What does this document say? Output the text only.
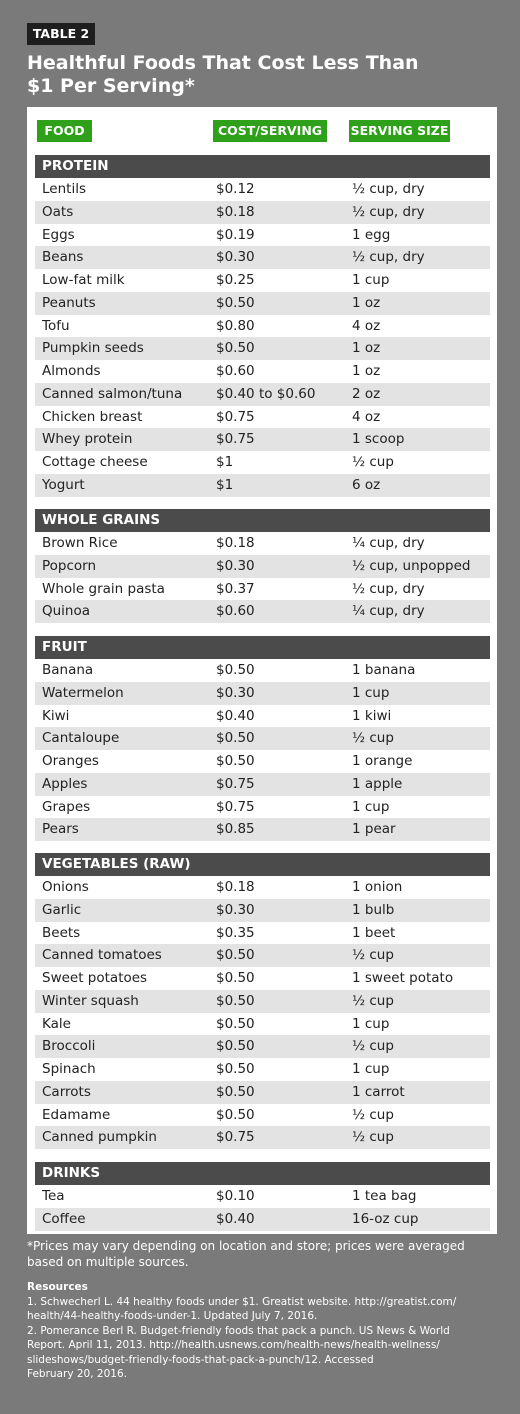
TABLE 2
Healthful Foods That Cost Less Than
$1 Per Serving*
FOOD	COST/SERVING	SERVING SIZE
PROTEIN
Lentils	$0.12	½ cup, dry
Oats	$0.18	½ cup, dry
Eggs	$0.19	1 egg
Beans	$0.30	½ cup, dry
Low-fat milk	$0.25	1 cup
Peanuts	$0.50	1 oz
Tofu	$0.80	4 oz
Pumpkin seeds	$0.50	1 oz
Almonds	$0.60	1 oz
Canned salmon/tuna	$0.40 to $0.60	2 oz
Chicken breast	$0.75	4 oz
Whey protein	$0.75	1 scoop
Cottage cheese	$1	½ cup
Yogurt	$1	6 oz
WHOLE GRAINS
Brown Rice	$0.18	¼ cup, dry
Popcorn	$0.30	½ cup, unpopped
Whole grain pasta	$0.37	½ cup, dry
Quinoa	$0.60	¼ cup, dry
FRUIT
Banana	$0.50	1 banana
Watermelon	$0.30	1 cup
Kiwi	$0.40	1 kiwi
Cantaloupe	$0.50	½ cup
Oranges	$0.50	1 orange
Apples	$0.75	1 apple
Grapes	$0.75	1 cup
Pears	$0.85	1 pear
VEGETABLES (RAW)
Onions	$0.18	1 onion
Garlic	$0.30	1 bulb
Beets	$0.35	1 beet
Canned tomatoes	$0.50	½ cup
Sweet potatoes	$0.50	1 sweet potato
Winter squash	$0.50	½ cup
Kale	$0.50	1 cup
Broccoli	$0.50	½ cup
Spinach	$0.50	1 cup
Carrots	$0.50	1 carrot
Edamame	$0.50	½ cup
Canned pumpkin	$0.75	½ cup
DRINKS
Tea	$0.10	1 tea bag
Coffee	$0.40	16-oz cup
*Prices may vary depending on location and store; prices were averaged based on multiple sources.
Resources
1. Schwecherl L. 44 healthy foods under $1. Greatist website. http://greatist.com/
health/44-healthy-foods-under-1. Updated July 7, 2016.
2. Pomerance Berl R. Budget-friendly foods that pack a punch. US News & World
Report. April 11, 2013. http://health.usnews.com/health-news/health-wellness/
slideshows/budget-friendly-foods-that-pack-a-punch/12. Accessed
February 20, 2016.
